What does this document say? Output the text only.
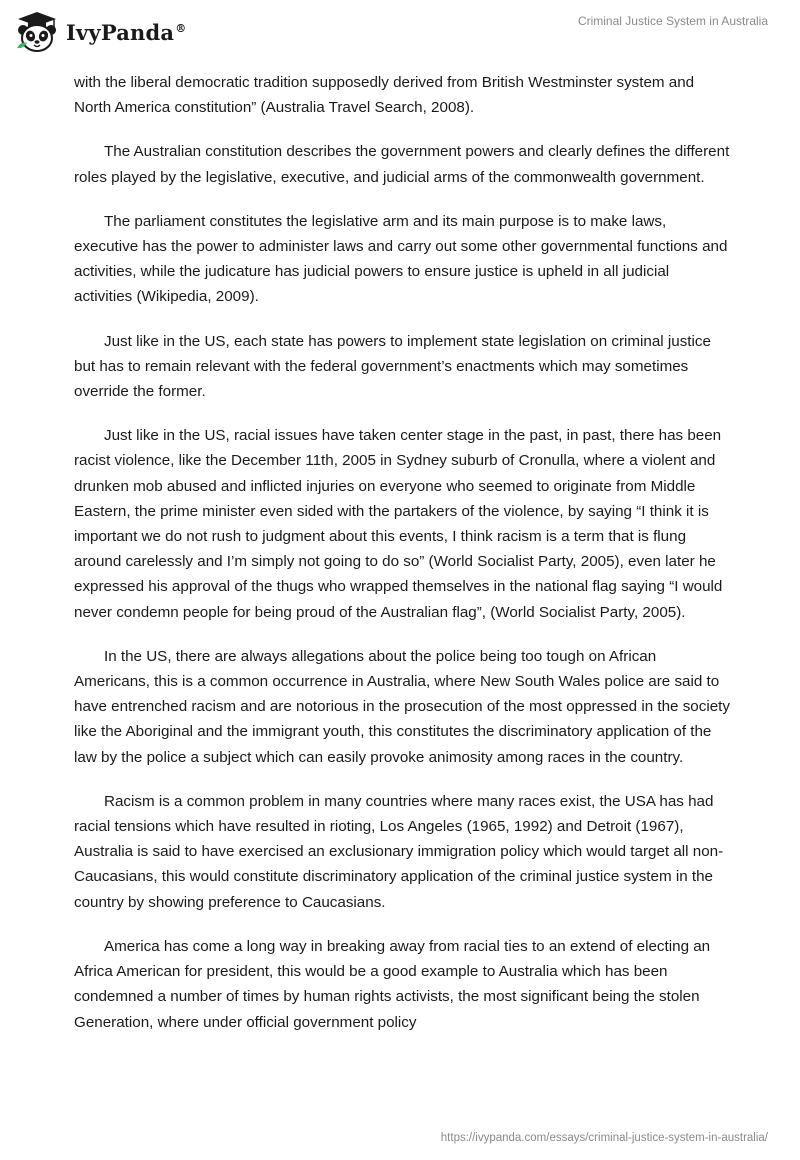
IvyPanda®	Criminal Justice System in Australia

with the liberal democratic tradition supposedly derived from British Westminster system and North America constitution” (Australia Travel Search, 2008).

The Australian constitution describes the government powers and clearly defines the different roles played by the legislative, executive, and judicial arms of the commonwealth government.

The parliament constitutes the legislative arm and its main purpose is to make laws, executive has the power to administer laws and carry out some other governmental functions and activities, while the judicature has judicial powers to ensure justice is upheld in all judicial activities (Wikipedia, 2009).

Just like in the US, each state has powers to implement state legislation on criminal justice but has to remain relevant with the federal government’s enactments which may sometimes override the former.

Just like in the US, racial issues have taken center stage in the past, in past, there has been racist violence, like the December 11th, 2005 in Sydney suburb of Cronulla, where a violent and drunken mob abused and inflicted injuries on everyone who seemed to originate from Middle Eastern, the prime minister even sided with the partakers of the violence, by saying “I think it is important we do not rush to judgment about this events, I think racism is a term that is flung around carelessly and I’m simply not going to do so” (World Socialist Party, 2005), even later he expressed his approval of the thugs who wrapped themselves in the national flag saying “I would never condemn people for being proud of the Australian flag”, (World Socialist Party, 2005).

In the US, there are always allegations about the police being too tough on African Americans, this is a common occurrence in Australia, where New South Wales police are said to have entrenched racism and are notorious in the prosecution of the most oppressed in the society like the Aboriginal and the immigrant youth, this constitutes the discriminatory application of the law by the police a subject which can easily provoke animosity among races in the country.

Racism is a common problem in many countries where many races exist, the USA has had racial tensions which have resulted in rioting, Los Angeles (1965, 1992) and Detroit (1967), Australia is said to have exercised an exclusionary immigration policy which would target all non-Caucasians, this would constitute discriminatory application of the criminal justice system in the country by showing preference to Caucasians.

America has come a long way in breaking away from racial ties to an extend of electing an Africa American for president, this would be a good example to Australia which has been condemned a number of times by human rights activists, the most significant being the stolen Generation, where under official government policy

https://ivypanda.com/essays/criminal-justice-system-in-australia/
